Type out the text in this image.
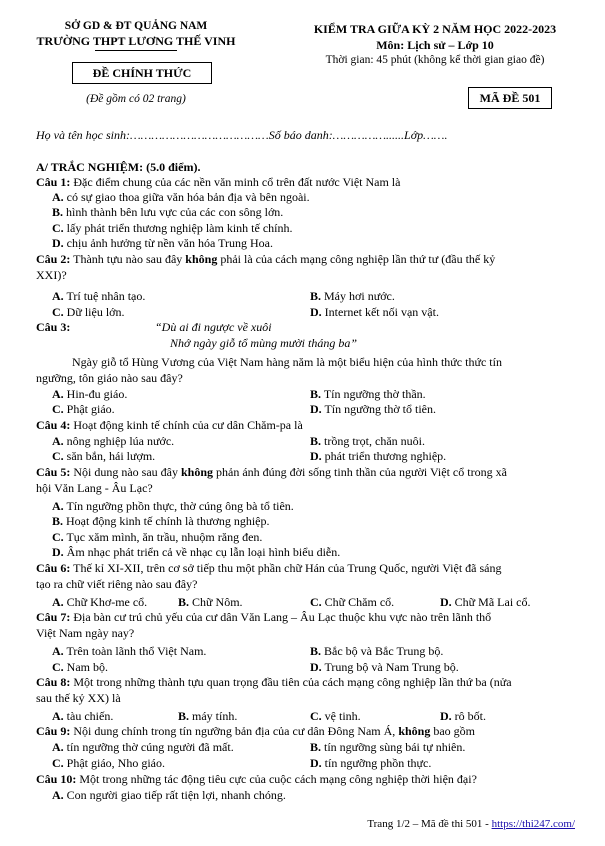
SỞ GD & ĐT QUẢNG NAM
TRƯỜNG THPT LƯƠNG THẾ VINH
ĐỀ CHÍNH THỨC
(Đề gồm có 02 trang)
KIỂM TRA GIỮA KỲ 2 NĂM HỌC 2022-2023
Môn: Lịch sử – Lớp 10
Thời gian: 45 phút (không kể thời gian giao đề)
MÃ ĐỀ 501
Họ và tên học sinh:…………………………………Số báo danh:……………......Lớp…….
A/ TRẮC NGHIỆM: (5.0 điểm).
Câu 1: Đặc điểm chung của các nền văn minh cổ trên đất nước Việt Nam là
A. có sự giao thoa giữa văn hóa bản địa và bên ngoài.
B. hình thành bên lưu vực của các con sông lớn.
C. lấy phát triển thương nghiệp làm kinh tế chính.
D. chịu ảnh hưởng từ nền văn hóa Trung Hoa.
Câu 2: Thành tựu nào sau đây không phải là của cách mạng công nghiệp lần thứ tư (đầu thế kỷ
XXI)?
A. Trí tuệ nhân tạo.	B. Máy hơi nước.
C. Dữ liệu lớn.	D. Internet kết nối vạn vật.
Câu 3:	“Dù ai đi ngược về xuôi
Nhớ ngày giỗ tổ mùng mười tháng ba”
Ngày giỗ tổ Hùng Vương của Việt Nam hàng năm là một biểu hiện của hình thức thức tín
ngưỡng, tôn giáo nào sau đây?
A. Hin-đu giáo.	B. Tín ngưỡng thờ thần.
C. Phật giáo.	D. Tín ngưỡng thờ tổ tiên.
Câu 4: Hoạt động kinh tế chính của cư dân Chăm-pa là
A. nông nghiệp lúa nước.	B. trồng trọt, chăn nuôi.
C. săn bắn, hái lượm.	D. phát triển thương nghiệp.
Câu 5: Nội dung nào sau đây không phản ánh đúng đời sống tinh thần của người Việt cổ trong xã
hội Văn Lang - Âu Lạc?
A. Tín ngưỡng phồn thực, thờ cúng ông bà tổ tiên.
B. Hoạt động kinh tế chính là thương nghiệp.
C. Tục xăm mình, ăn trầu, nhuộm răng đen.
D. Âm nhạc phát triển cả về nhạc cụ lẫn loại hình biểu diễn.
Câu 6: Thế kỉ XI-XII, trên cơ sở tiếp thu một phần chữ Hán của Trung Quốc, người Việt đã sáng
tạo ra chữ viết riêng nào sau đây?
A. Chữ Khơ-me cổ.	B. Chữ Nôm.	C. Chữ Chăm cổ.	D. Chữ Mã Lai cổ.
Câu 7: Địa bàn cư trú chủ yếu của cư dân Văn Lang – Âu Lạc thuộc khu vực nào trên lãnh thổ
Việt Nam ngày nay?
A. Trên toàn lãnh thổ Việt Nam.	B. Bắc bộ và Bắc Trung bộ.
C. Nam bộ.	D. Trung bộ và Nam Trung bộ.
Câu 8: Một trong những thành tựu quan trọng đầu tiên của cách mạng công nghiệp lần thứ ba (nửa
sau thế kỷ XX) là
A. tàu chiến.	B. máy tính.	C. vệ tinh.	D. rô bốt.
Câu 9: Nội dung chính trong tín ngưỡng bản địa của cư dân Đông Nam Á, không bao gồm
A. tín ngưỡng thờ cúng người đã mất.	B. tín ngưỡng sùng bái tự nhiên.
C. Phật giáo, Nho giáo.	D. tín ngưỡng phồn thực.
Câu 10: Một trong những tác động tiêu cực của cuộc cách mạng công nghiệp thời hiện đại?
A. Con người giao tiếp rất tiện lợi, nhanh chóng.
Trang 1/2 – Mã đề thi 501 - https://thi247.com/
